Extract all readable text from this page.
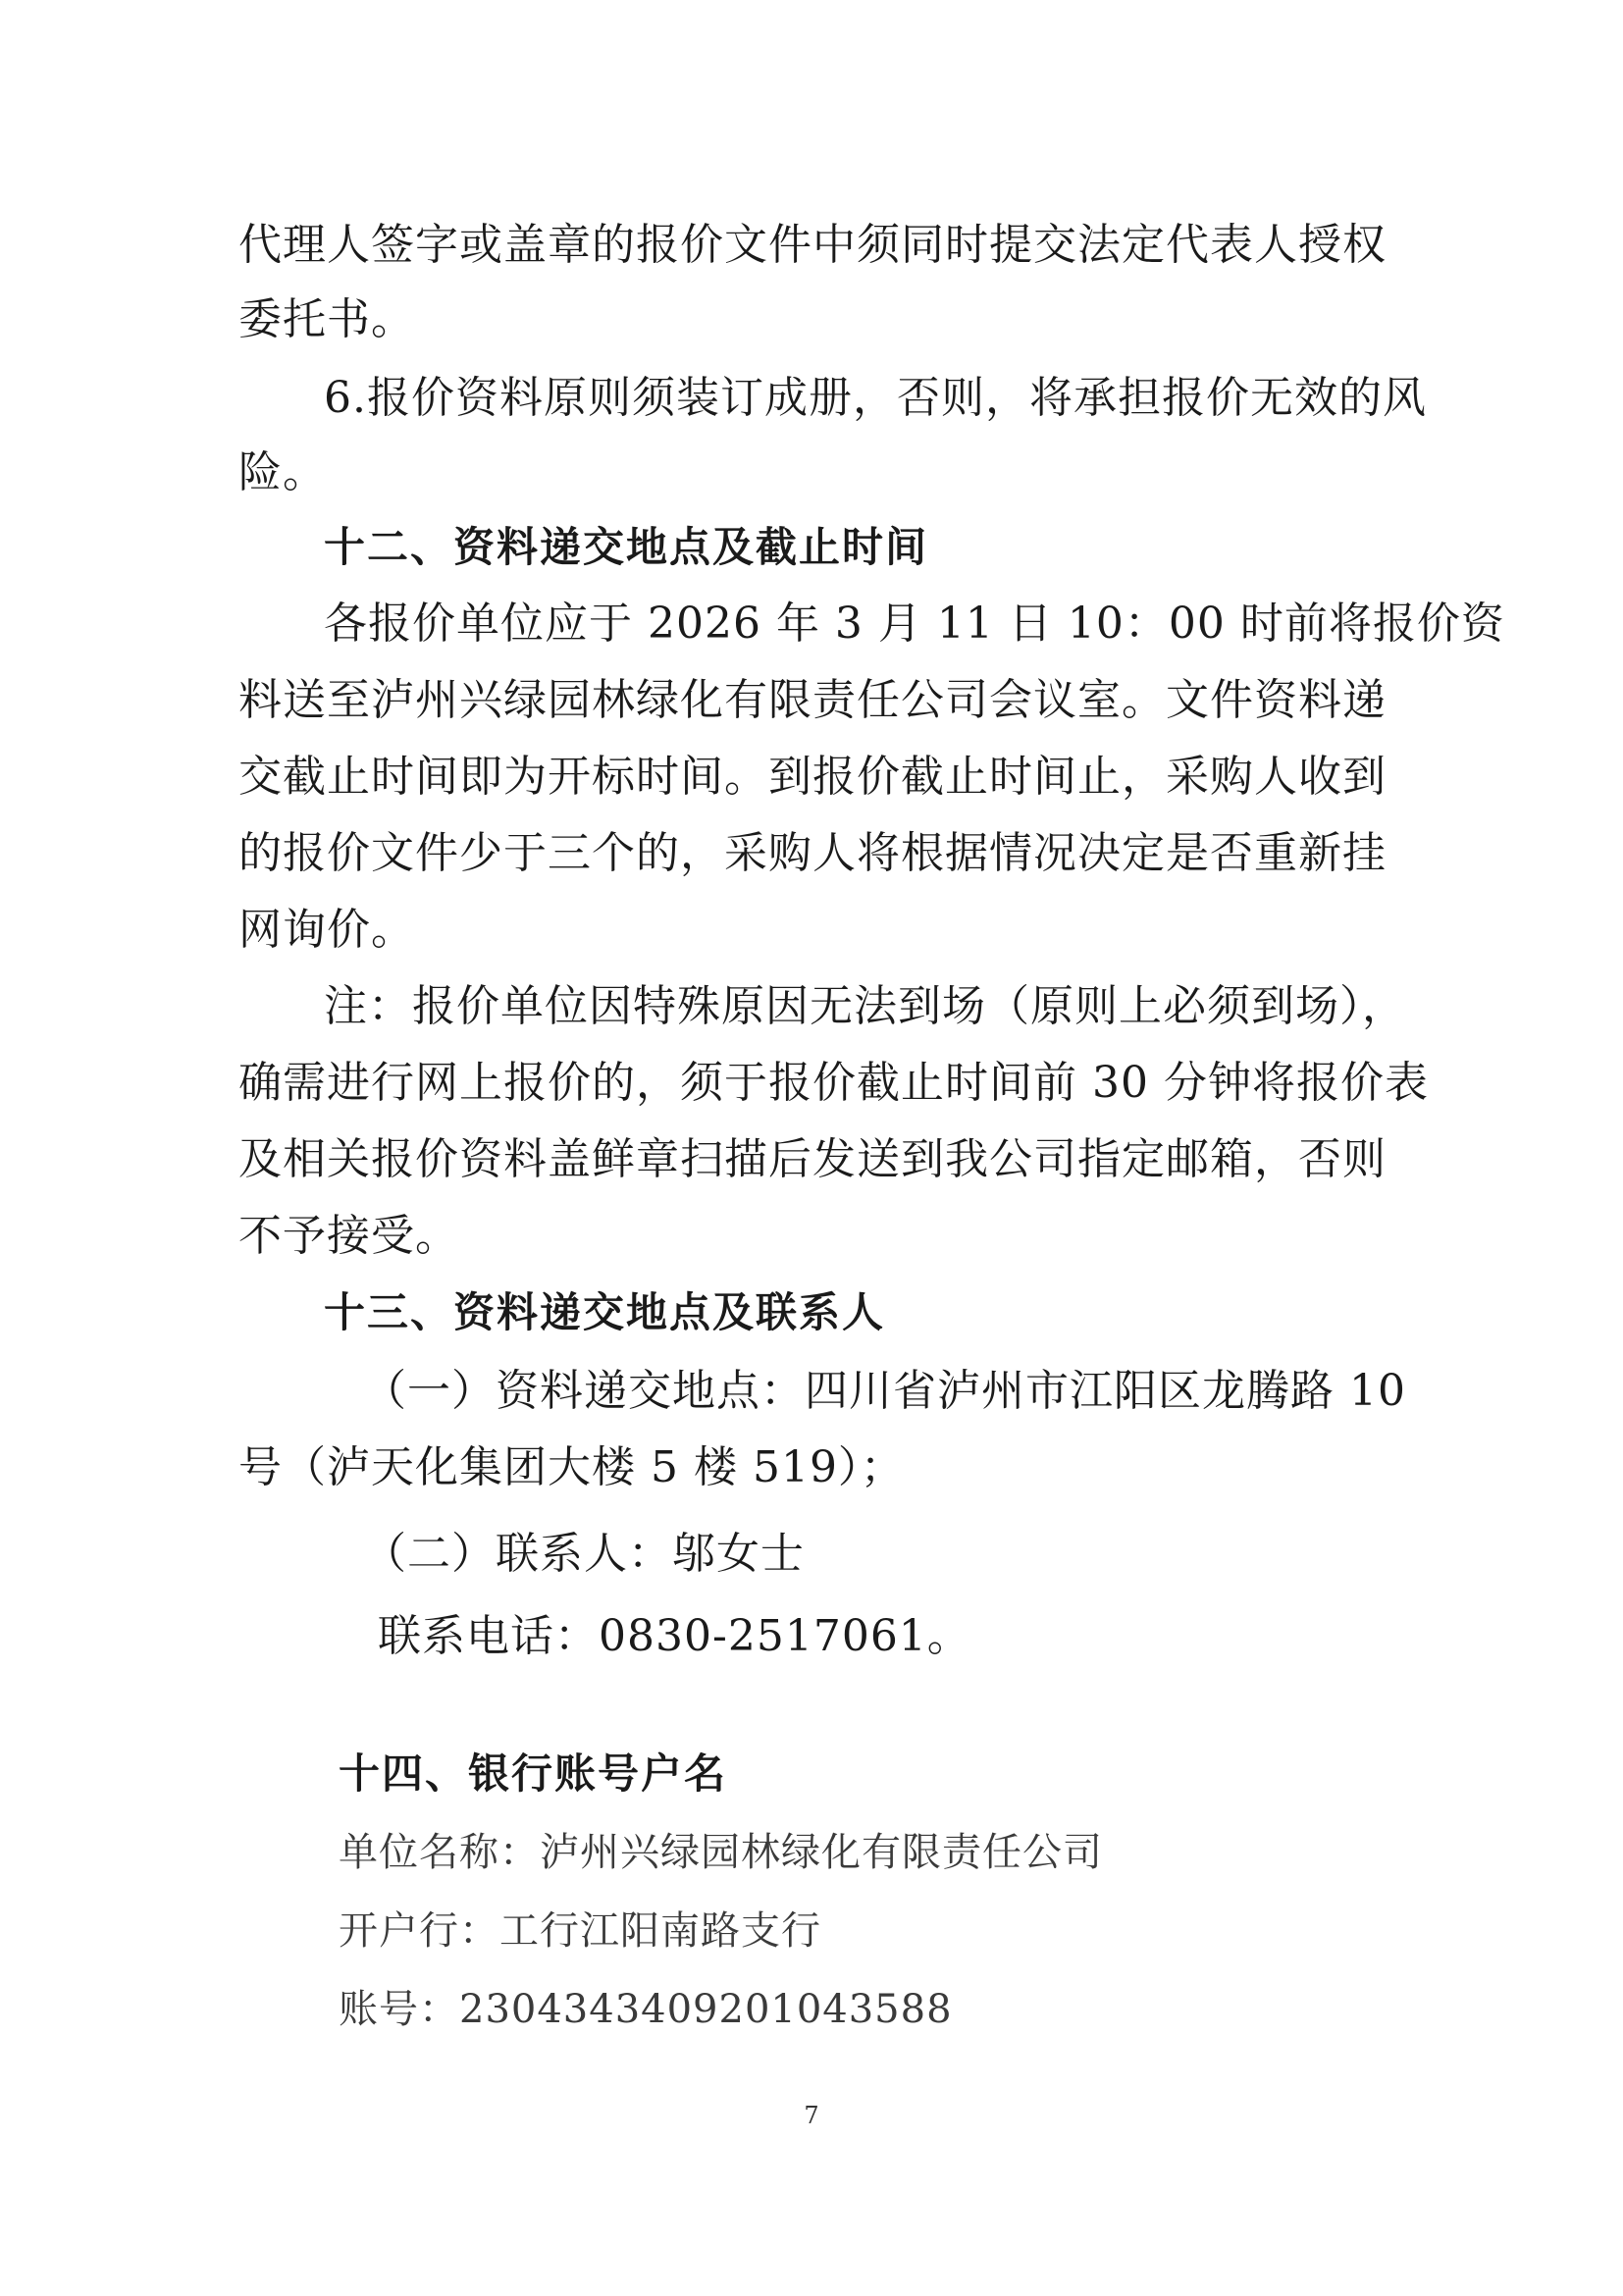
代理人签字或盖章的报价文件中须同时提交法定代表人授权
委托书。
6.报价资料原则须装订成册，否则，将承担报价无效的风
险。
十二、资料递交地点及截止时间
各报价单位应于 2026 年 3 月 11 日 10：00 时前将报价资
料送至泸州兴绿园林绿化有限责任公司会议室。文件资料递
交截止时间即为开标时间。到报价截止时间止，采购人收到
的报价文件少于三个的，采购人将根据情况决定是否重新挂
网询价。
注：报价单位因特殊原因无法到场（原则上必须到场），
确需进行网上报价的，须于报价截止时间前 30 分钟将报价表
及相关报价资料盖鲜章扫描后发送到我公司指定邮箱，否则
不予接受。
十三、资料递交地点及联系人
（一）资料递交地点：四川省泸州市江阳区龙腾路 10
号（泸天化集团大楼 5 楼 519）；
（二）联系人：邬女士
联系电话：0830-2517061。
十四、银行账号户名
单位名称：泸州兴绿园林绿化有限责任公司
开户行：工行江阳南路支行
账号：2304343409201043588
7
